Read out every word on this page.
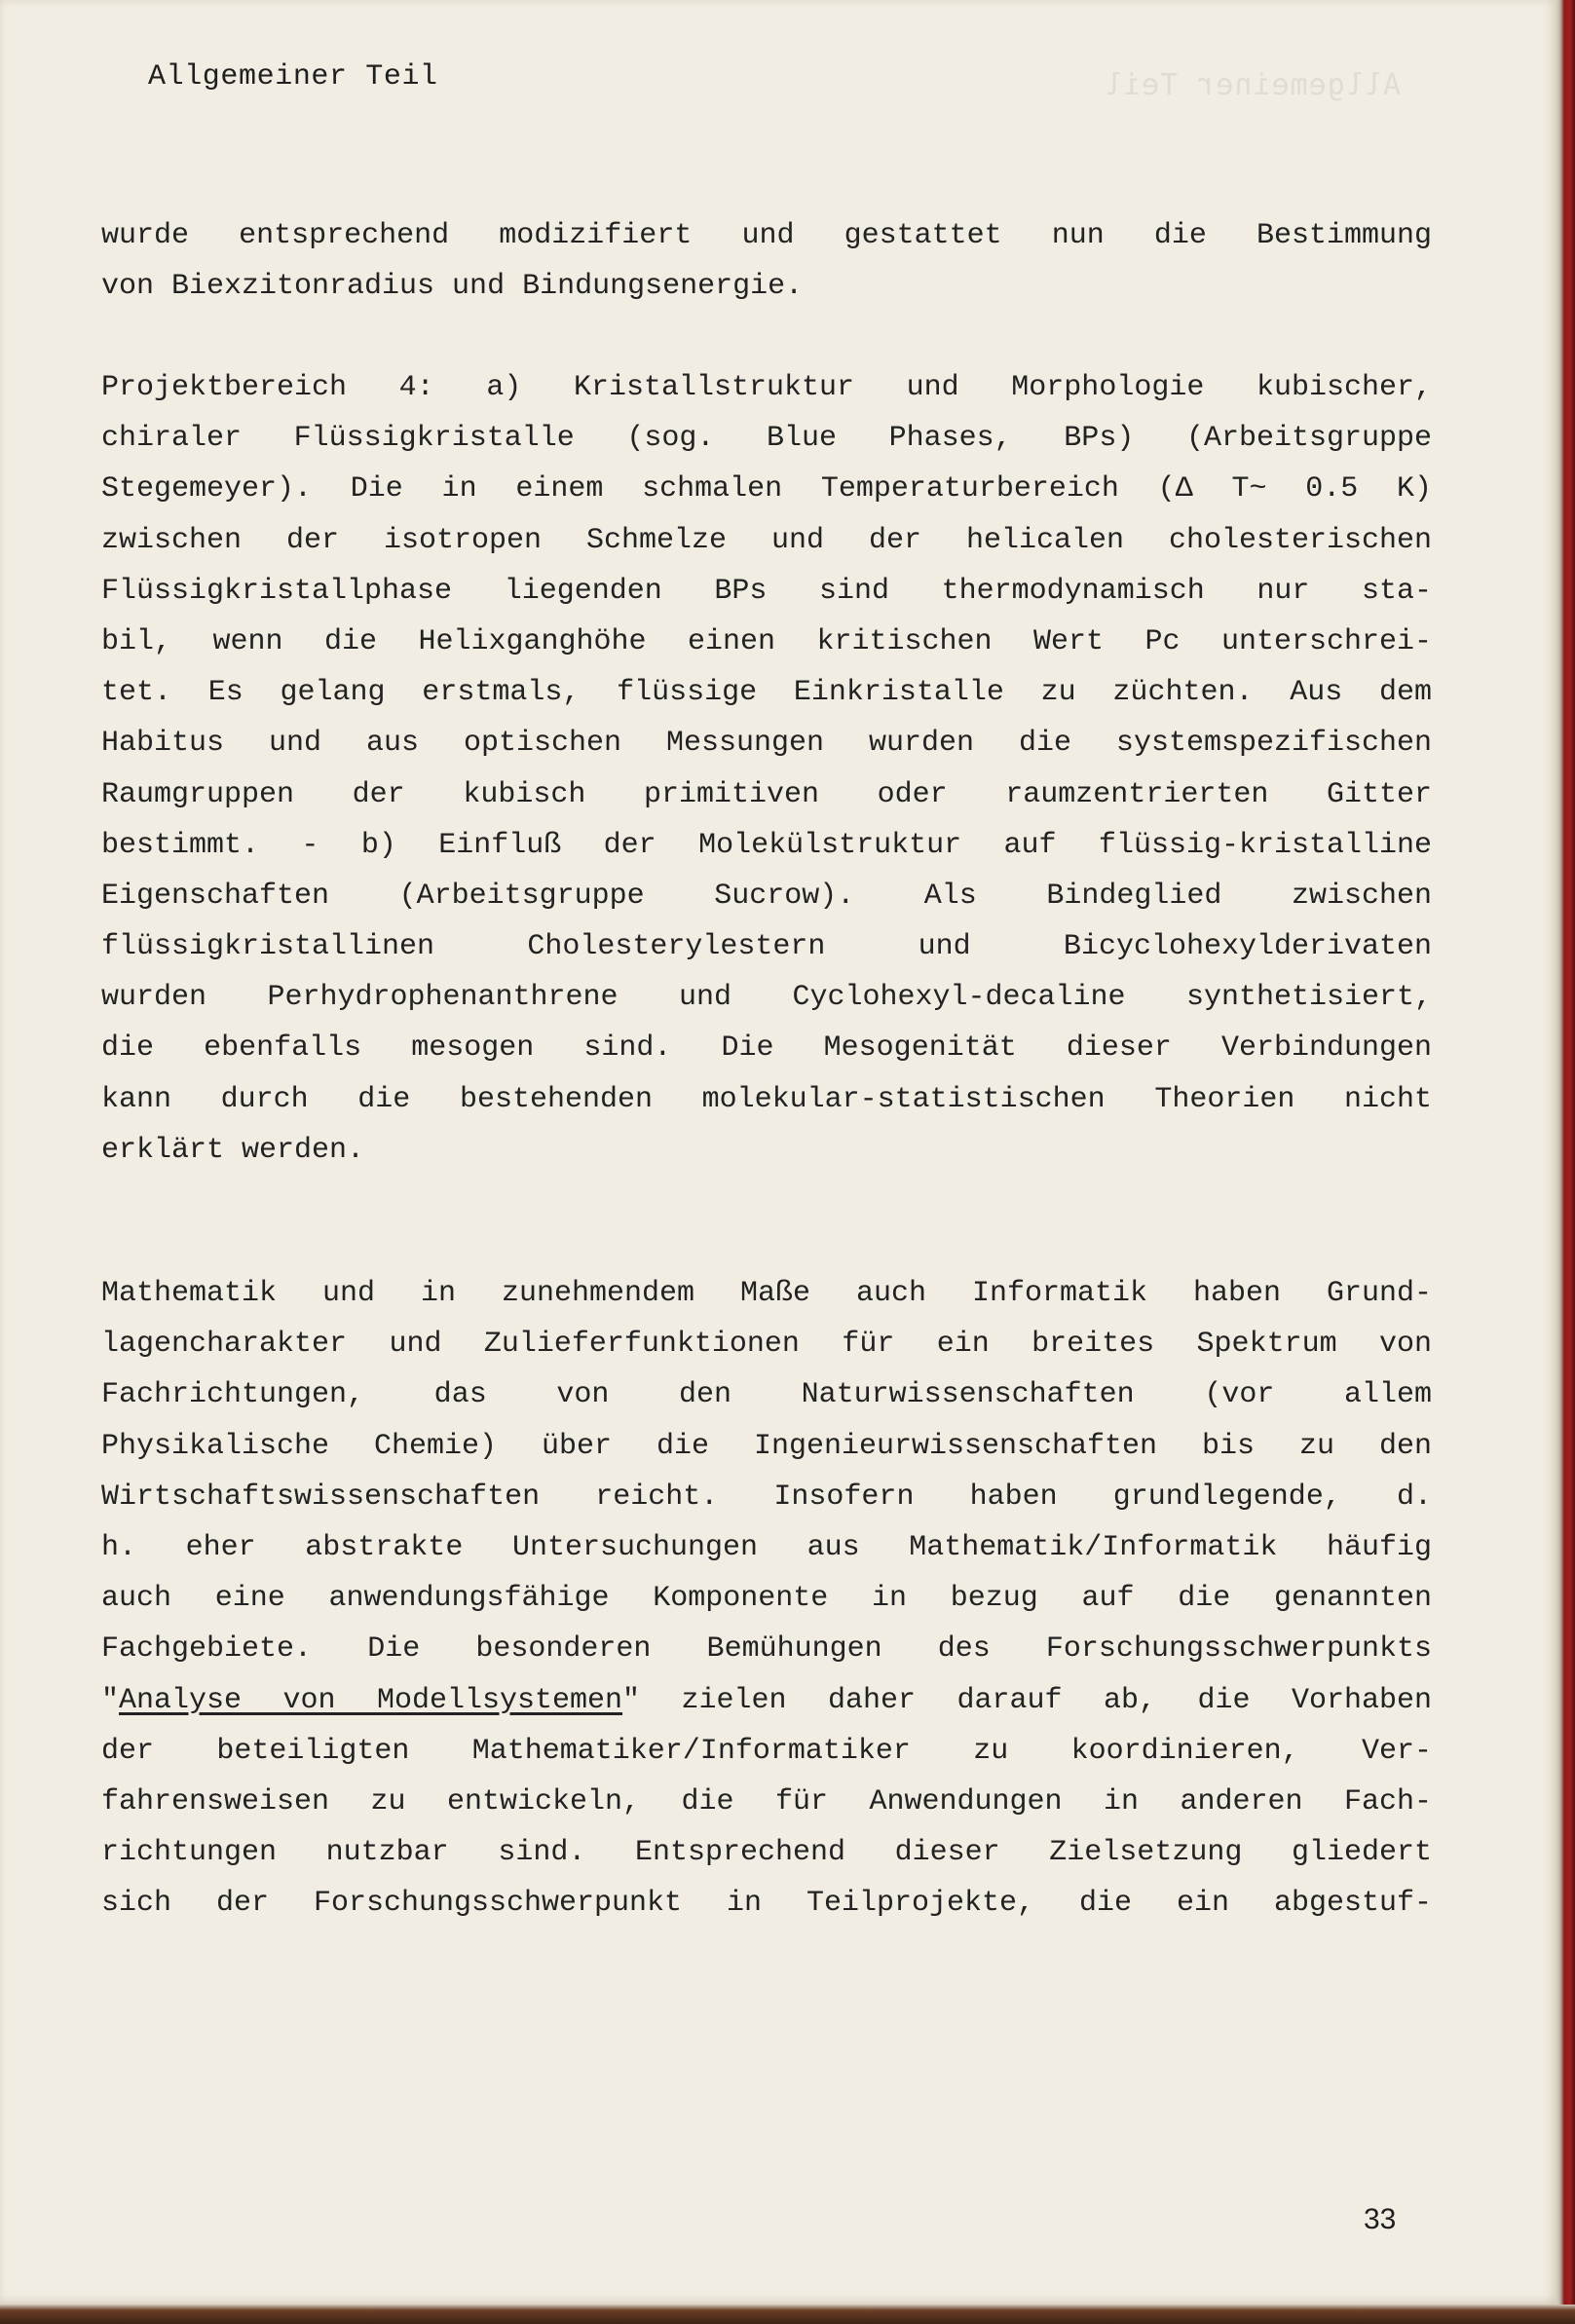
Allgemeiner Teil
Allgemeiner Teil
wurde entsprechend modizifiert und gestattet nun die Bestimmung
von Biexzitonradius und Bindungsenergie.
Projektbereich 4: a) Kristallstruktur und Morphologie kubischer,
chiraler Flüssigkristalle (sog. Blue Phases, BPs) (Arbeitsgruppe
Stegemeyer). Die in einem schmalen Temperaturbereich (Δ T~ 0.5 K)
zwischen der isotropen Schmelze und der helicalen cholesterischen
Flüssigkristallphase liegenden BPs sind thermodynamisch nur sta-
bil, wenn die Helixganghöhe einen kritischen Wert Pc unterschrei-
tet. Es gelang erstmals, flüssige Einkristalle zu züchten. Aus dem
Habitus und aus optischen Messungen wurden die systemspezifischen
Raumgruppen der kubisch primitiven oder raumzentrierten Gitter
bestimmt. - b) Einfluß der Molekülstruktur auf flüssig-kristalline
Eigenschaften (Arbeitsgruppe Sucrow). Als Bindeglied zwischen
flüssigkristallinen Cholesterylestern und Bicyclohexylderivaten
wurden Perhydrophenanthrene und Cyclohexyl-decaline synthetisiert,
die ebenfalls mesogen sind. Die Mesogenität dieser Verbindungen
kann durch die bestehenden molekular-statistischen Theorien nicht
erklärt werden.
Mathematik und in zunehmendem Maße auch Informatik haben Grund-
lagencharakter und Zulieferfunktionen für ein breites Spektrum von
Fachrichtungen, das von den Naturwissenschaften (vor allem
Physikalische Chemie) über die Ingenieurwissenschaften bis zu den
Wirtschaftswissenschaften reicht. Insofern haben grundlegende, d.
h. eher abstrakte Untersuchungen aus Mathematik/Informatik häufig
auch eine anwendungsfähige Komponente in bezug auf die genannten
Fachgebiete. Die besonderen Bemühungen des Forschungsschwerpunkts
"Analyse von Modellsystemen" zielen daher darauf ab, die Vorhaben
der beteiligten Mathematiker/Informatiker zu koordinieren, Ver-
fahrensweisen zu entwickeln, die für Anwendungen in anderen Fach-
richtungen nutzbar sind. Entsprechend dieser Zielsetzung gliedert
sich der Forschungsschwerpunkt in Teilprojekte, die ein abgestuf-
33
